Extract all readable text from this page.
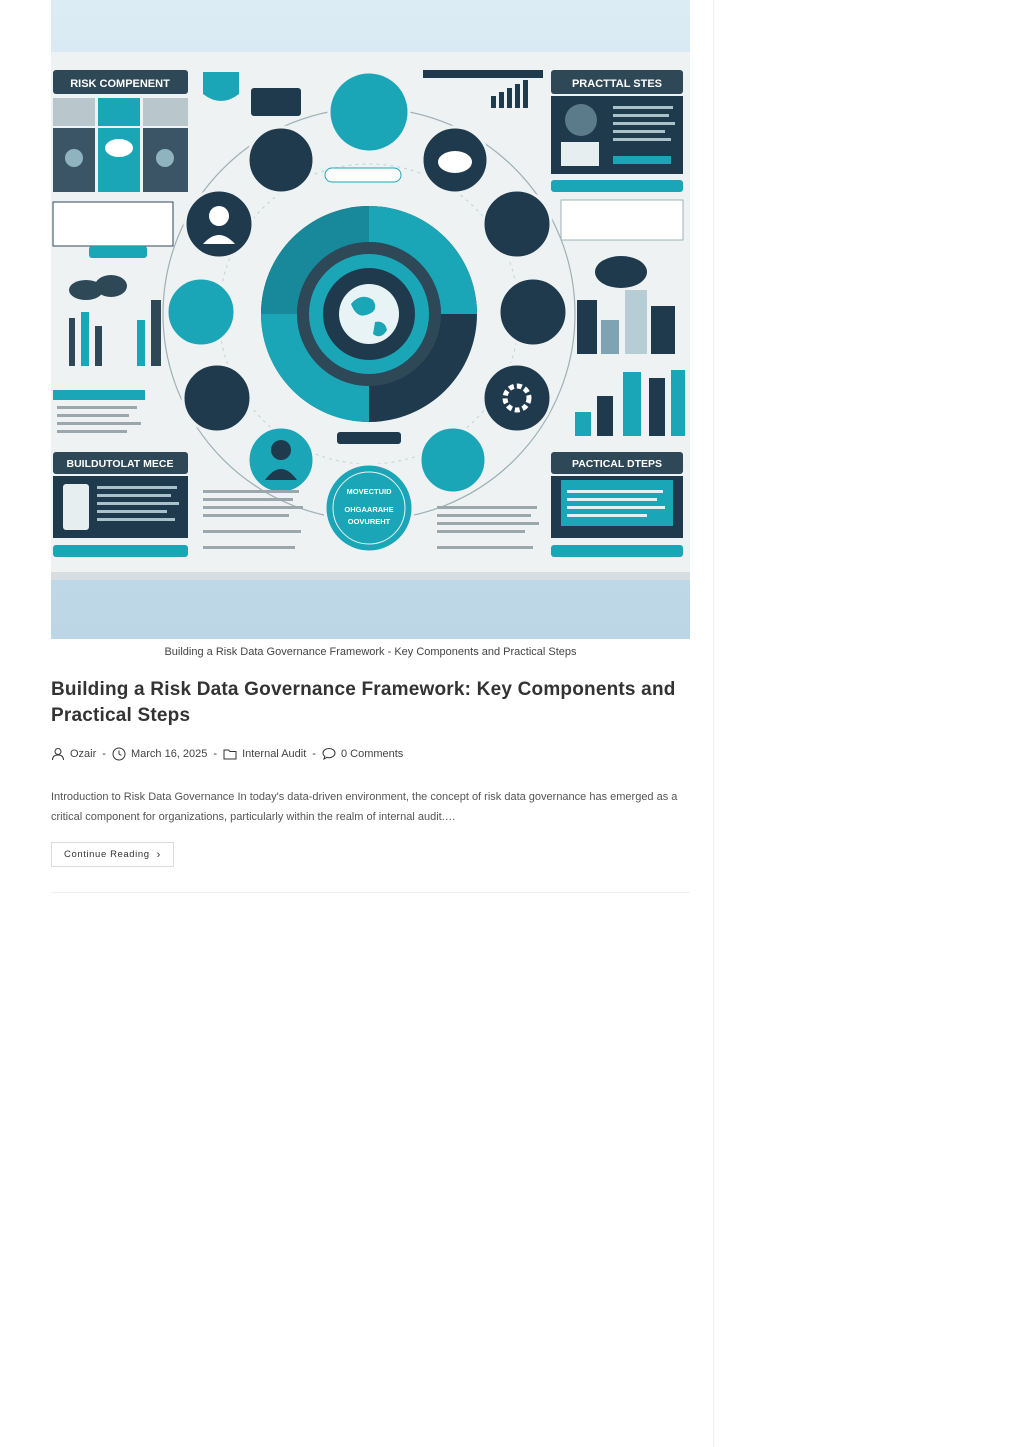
RISK COMPENENT
BUILDUTOLAT MECE
PRACTTAL STES
PACTICAL DTEPS
MOVECTUID
OHGAARAHE
OOVUREHT
Building a Risk Data Governance Framework - Key Components and Practical Steps
Building a Risk Data Governance Framework: Key Components and Practical Steps
Ozair - March 16, 2025 - Internal Audit - 0 Comments

Introduction to Risk Data Governance In today's data-driven environment, the concept of risk data governance has emerged as a critical component for organizations, particularly within the realm of internal audit.…

Continue Reading ›
